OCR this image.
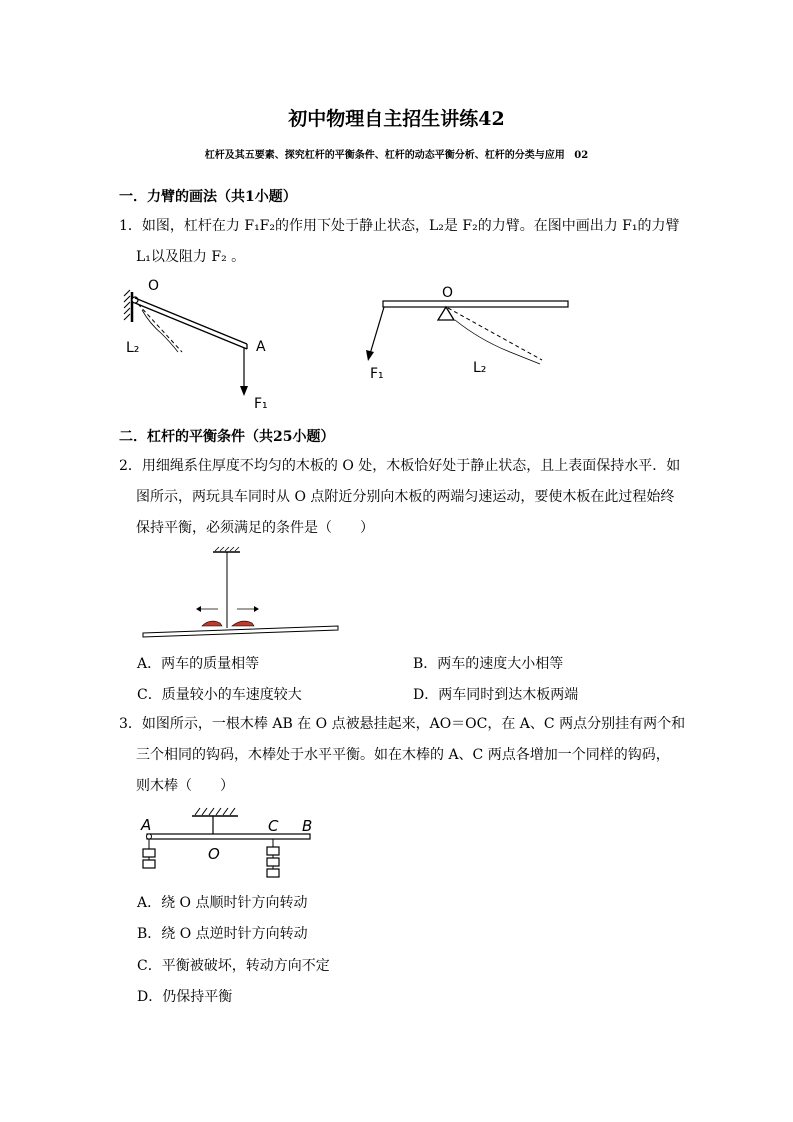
初中物理自主招生讲练42
杠杆及其五要素、探究杠杆的平衡条件、杠杆的动态平衡分析、杠杆的分类与应用 02
一．力臂的画法（共1小题）
1．如图，杠杆在力 F₁F₂的作用下处于静止状态，L₂是 F₂的力臂。在图中画出力 F₁的力臂
L₁以及阻力 F₂ 。
O
A
L₂
F₁
O
L₂
F₁
二．杠杆的平衡条件（共25小题）
2．用细绳系住厚度不均匀的木板的 O 处，木板恰好处于静止状态，且上表面保持水平．如
图所示，两玩具车同时从 O 点附近分别向木板的两端匀速运动，要使木板在此过程始终
保持平衡，必须满足的条件是（　　）
A．两车的质量相等	B．两车的速度大小相等
C．质量较小的车速度较大	D．两车同时到达木板两端
3．如图所示，一根木棒 AB 在 O 点被悬挂起来，AO＝OC，在 A、C 两点分别挂有两个和
三个相同的钩码，木棒处于水平平衡。如在木棒的 A、C 两点各增加一个同样的钩码，
则木棒（　　）
A
O
C B
A．绕 O 点顺时针方向转动
B．绕 O 点逆时针方向转动
C．平衡被破坏，转动方向不定
D．仍保持平衡
